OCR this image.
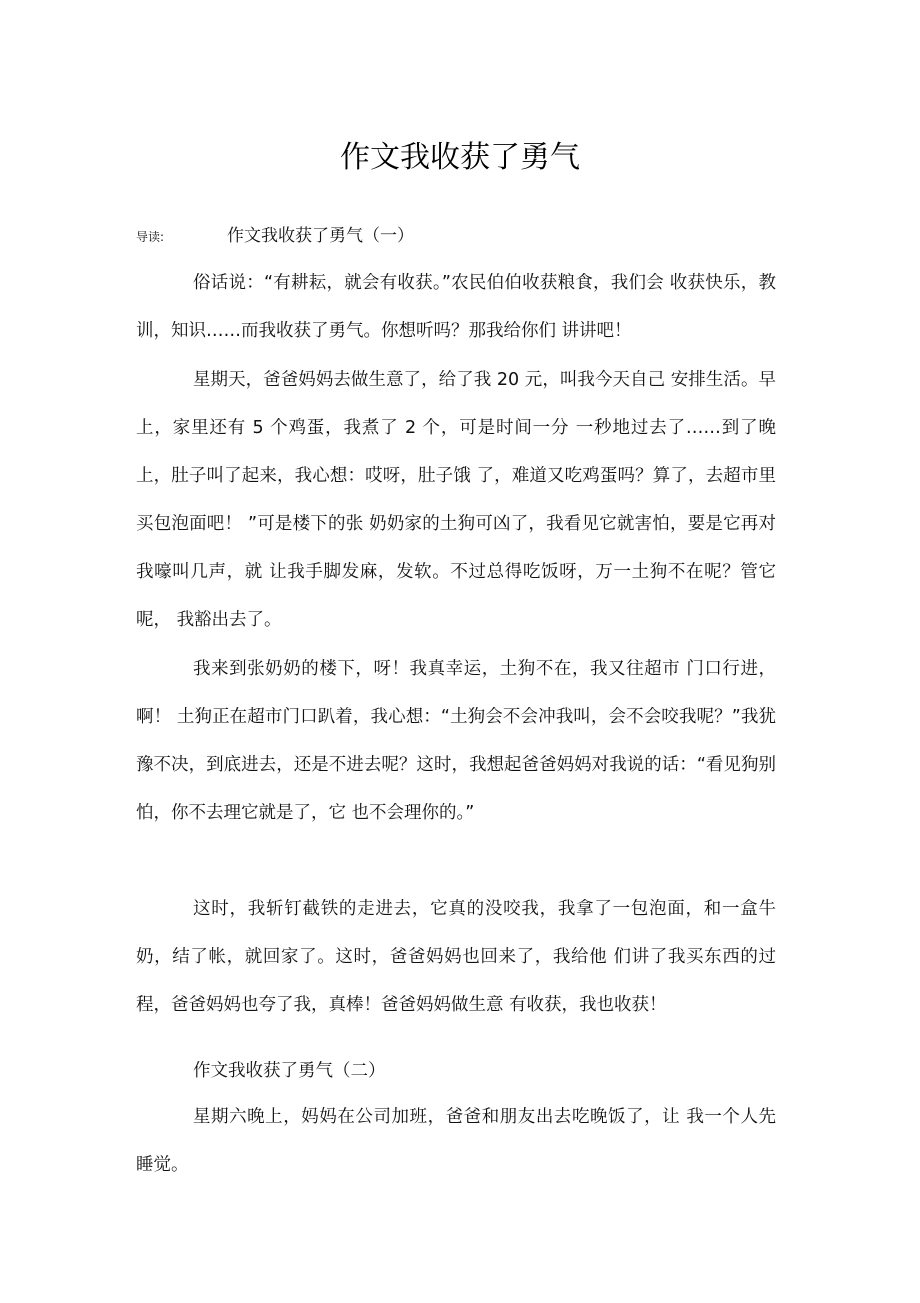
作文我收获了勇气
导读:	作文我收获了勇气（一）

俗话说：“有耕耘，就会有收获。”农民伯伯收获粮食，我们会 收获快乐，教训，知识……而我收获了勇气。你想听吗？那我给你们 讲讲吧！

星期天，爸爸妈妈去做生意了，给了我 20 元，叫我今天自己 安排生活。早上，家里还有 5 个鸡蛋，我煮了 2 个，可是时间一分 一秒地过去了……到了晚上，肚子叫了起来，我心想：哎呀，肚子饿 了，难道又吃鸡蛋吗？算了，去超市里买包泡面吧！ ”可是楼下的张 奶奶家的土狗可凶了，我看见它就害怕，要是它再对我嚎叫几声，就 让我手脚发麻，发软。不过总得吃饭呀，万一土狗不在呢？管它呢， 我豁出去了。

我来到张奶奶的楼下，呀！我真幸运，土狗不在，我又往超市 门口行进，啊！ 土狗正在超市门口趴着，我心想：“土狗会不会冲我叫，会不会咬我呢？”我犹豫不决，到底进去，还是不进去呢？这时，我想起爸爸妈妈对我说的话：“看见狗别怕，你不去理它就是了，它 也不会理你的。”

这时，我斩钉截铁的走进去，它真的没咬我，我拿了一包泡面，和一盒牛奶，结了帐，就回家了。这时，爸爸妈妈也回来了，我给他 们讲了我买东西的过程，爸爸妈妈也夸了我，真棒！爸爸妈妈做生意 有收获，我也收获！

作文我收获了勇气（二）

星期六晚上，妈妈在公司加班，爸爸和朋友出去吃晚饭了，让 我一个人先睡觉。
